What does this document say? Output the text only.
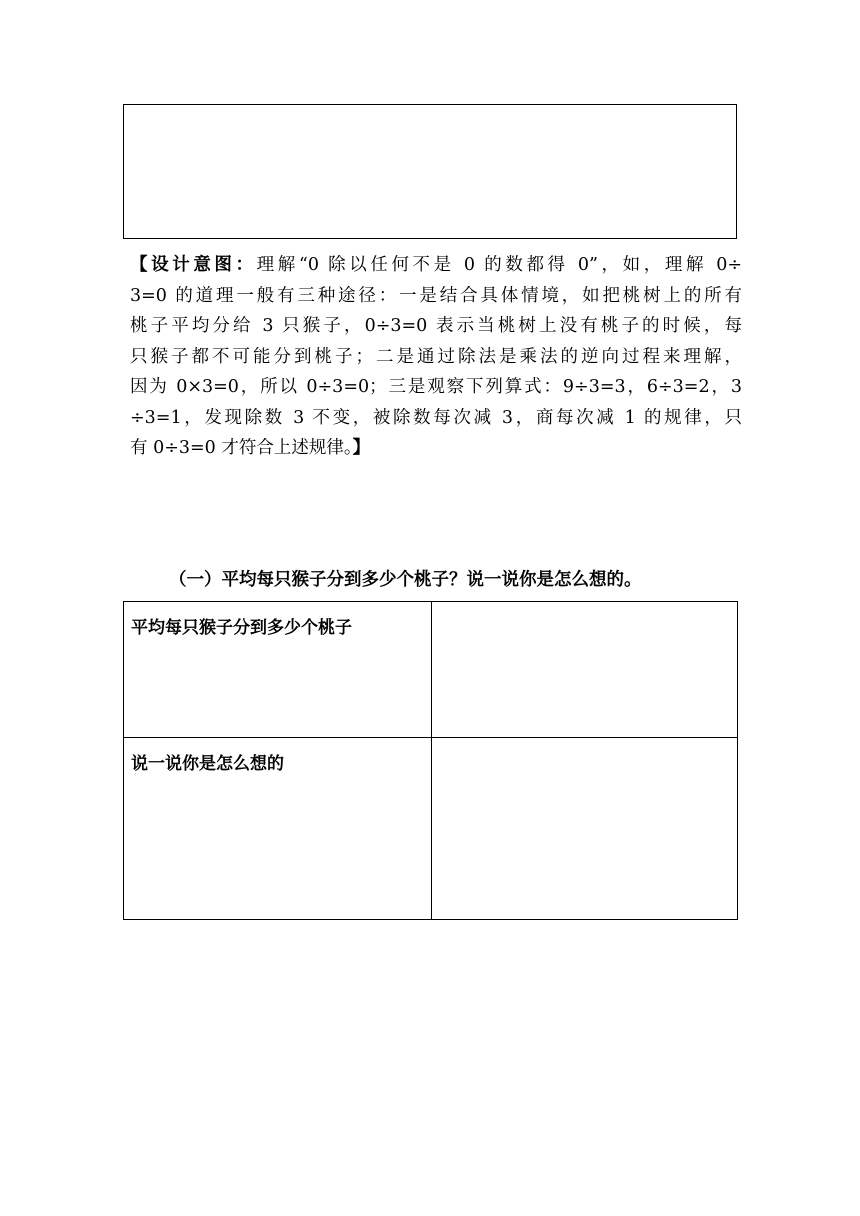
【设计意图：理解“0 除以任何不是 0 的数都得 0”，如，理解 0÷
3=0 的道理一般有三种途径：一是结合具体情境，如把桃树上的所有
桃子平均分给 3 只猴子，0÷3=0 表示当桃树上没有桃子的时候，每
只猴子都不可能分到桃子；二是通过除法是乘法的逆向过程来理解，
因为 0×3=0，所以 0÷3=0；三是观察下列算式：9÷3=3，6÷3=2，3
÷3=1，发现除数 3 不变，被除数每次减 3，商每次减 1 的规律，只
有 0÷3=0 才符合上述规律。】
（一）平均每只猴子分到多少个桃子？说一说你是怎么想的。
平均每只猴子分到多少个桃子	

说一说你是怎么想的	
